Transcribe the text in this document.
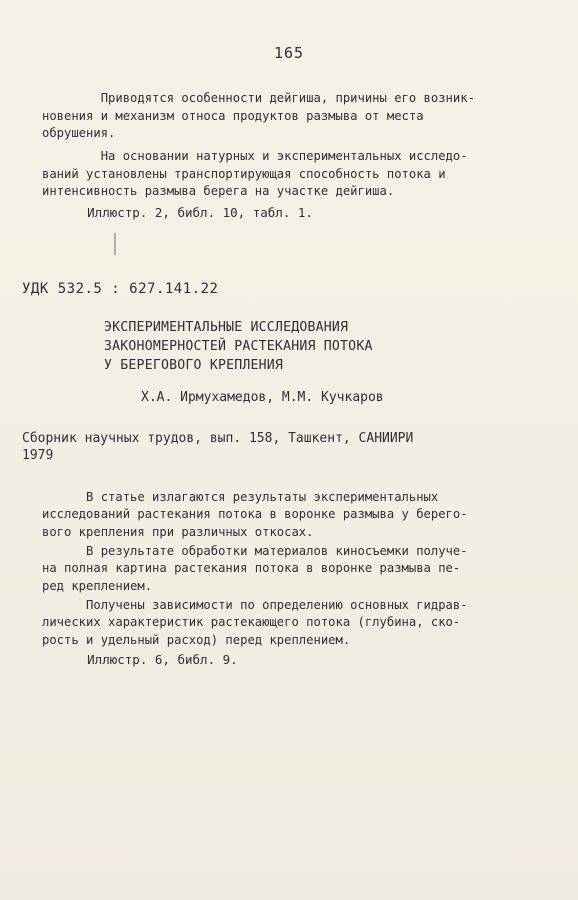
165
Приводятся особенности дейгиша, причины его возник-
новения и механизм относа продуктов размыва от места
обрушения.
На основании натурных и экспериментальных исследо-
ваний установлены транспортирующая способность потока и
интенсивность размыва берега на участке дейгиша.
Иллюстр. 2, библ. 10, табл. 1.
УДК 532.5 : 627.141.22
ЭКСПЕРИМЕНТАЛЬНЫЕ ИССЛЕДОВАНИЯ
ЗАКОНОМЕРНОСТЕЙ РАСТЕКАНИЯ ПОТОКА
У БЕРЕГОВОГО КРЕПЛЕНИЯ
Х.А. Ирмухамедов, М.М. Кучкаров
Сборник научных трудов, вып. 158, Ташкент, САНИИРИ
1979
В статье излагаются результаты экспериментальных
исследований растекания потока в воронке размыва у берего-
вого крепления при различных откосах.
В результате обработки материалов киносъемки получе-
на полная картина растекания потока в воронке размыва пе-
ред креплением.
Получены зависимости по определению основных гидрав-
лических характеристик растекающего потока (глубина, ско-
рость и удельный расход) перед креплением.
Иллюстр. 6, библ. 9.
